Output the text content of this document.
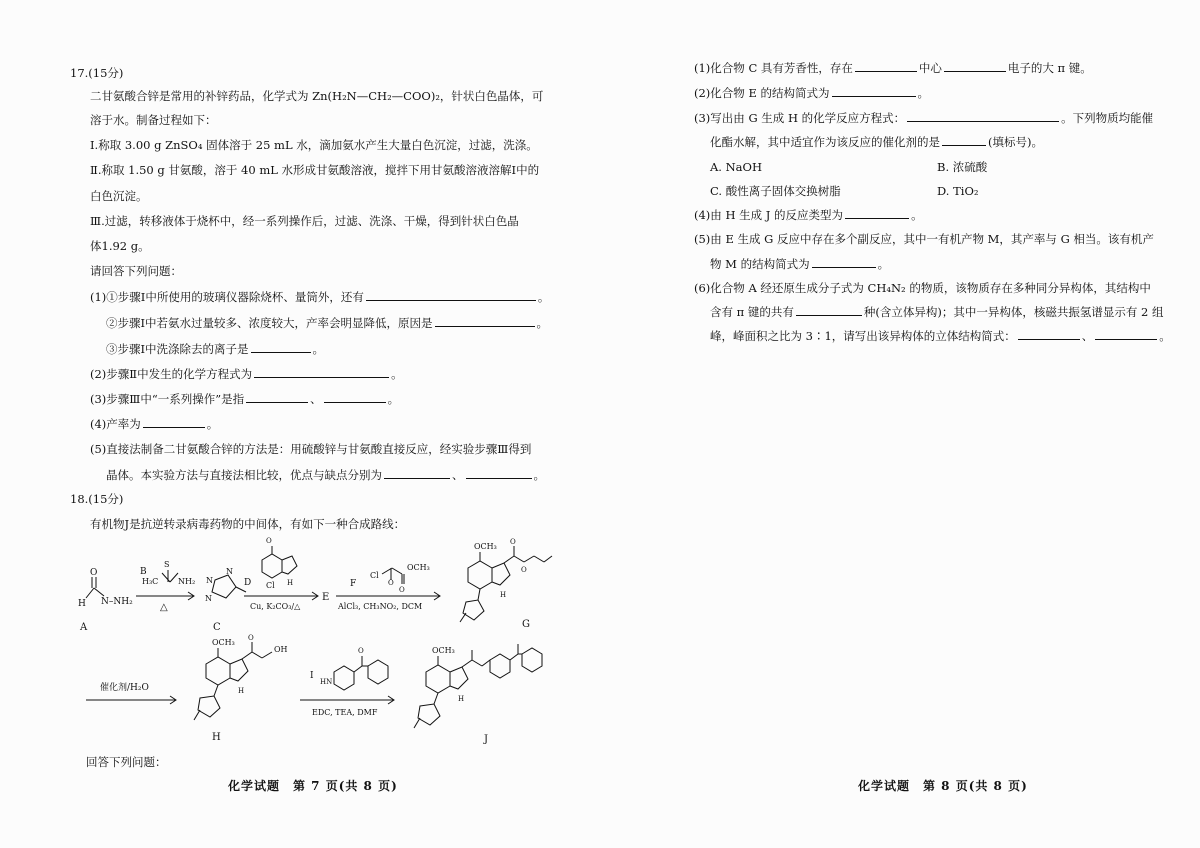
17.(15分)
二甘氨酸合锌是常用的补锌药品，化学式为 Zn(H₂N—CH₂—COO)₂，针状白色晶体，可
溶于水。制备过程如下：
Ⅰ.称取 3.00 g ZnSO₄ 固体溶于 25 mL 水，滴加氨水产生大量白色沉淀，过滤，洗涤。
Ⅱ.称取 1.50 g 甘氨酸，溶于 40 mL 水形成甘氨酸溶液，搅拌下用甘氨酸溶液溶解Ⅰ中的
白色沉淀。
Ⅲ.过滤，转移液体于烧杯中，经一系列操作后，过滤、洗涤、干燥，得到针状白色晶
体1.92 g。
请回答下列问题：
(1)①步骤Ⅰ中所使用的玻璃仪器除烧杯、量筒外，还有	。
②步骤Ⅰ中若氨水过量较多、浓度较大，产率会明显降低，原因是	。
③步骤Ⅰ中洗涤除去的离子是	。
(2)步骤Ⅱ中发生的化学方程式为	。
(3)步骤Ⅲ中“一系列操作”是指	、	。
(4)产率为	。
(5)直接法制备二甘氨酸合锌的方法是：用硫酸锌与甘氨酸直接反应，经实验步骤Ⅲ得到
晶体。本实验方法与直接法相比较，优点与缺点分别为	、	。
18.(15分)
有机物J是抗逆转录病毒药物的中间体，有如下一种合成路线：
O
H N–NH₂
A
S
H₃C NH₂
B
△
N
N
N
C
O
Cl H
D
Cu, K₂CO₃/△
E
Cl
OCH₃
O
O
F
AlCl₃, CH₃NO₂, DCM
OCH₃ O
O
H
G
催化剂/H₂O
OCH₃ O
OH
H
H
O
HN
I
EDC, TEA, DMF
OCH₃
H
J
回答下列问题：
化学试题　第 7 页(共 8 页)
(1)化合物 C 具有芳香性，存在	中心	电子的大 π 键。
(2)化合物 E 的结构简式为	。
(3)写出由 G 生成 H 的化学反应方程式：	。下列物质均能催
化酯水解，其中适宜作为该反应的催化剂的是	(填标号)。
A. NaOH	B. 浓硫酸
C. 酸性离子固体交换树脂	D. TiO₂
(4)由 H 生成 J 的反应类型为	。
(5)由 E 生成 G 反应中存在多个副反应，其中一有机产物 M，其产率与 G 相当。该有机产
物 M 的结构简式为	。
(6)化合物 A 经还原生成分子式为 CH₄N₂ 的物质，该物质存在多种同分异构体，其结构中
含有 π 键的共有	种(含立体异构)；其中一异构体，核磁共振氢谱显示有 2 组
峰，峰面积之比为 3∶1，请写出该异构体的立体结构简式：	、	。
化学试题　第 8 页(共 8 页)
